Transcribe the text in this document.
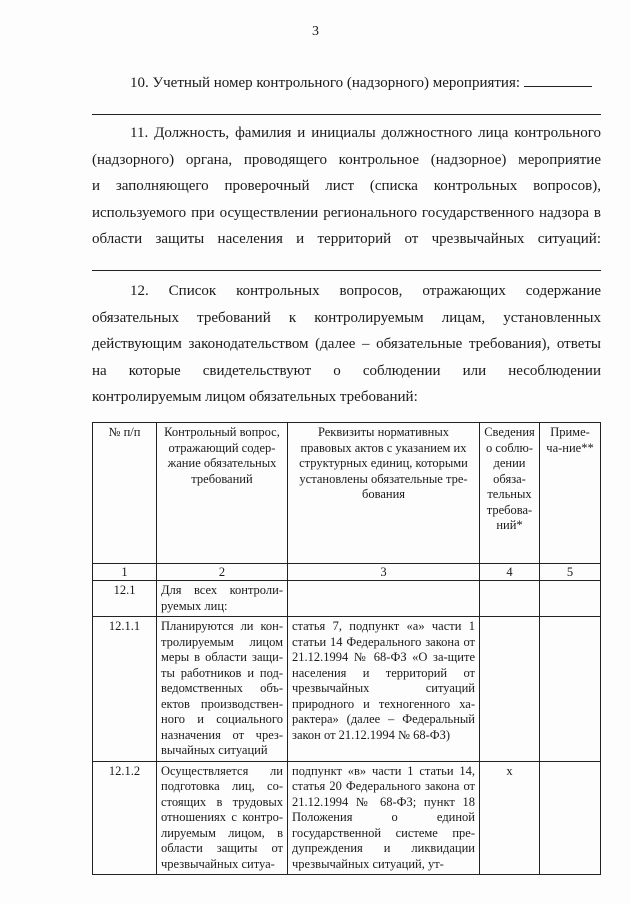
3

10. Учетный номер контрольного (надзорного) мероприятия:

11. Должность, фамилия и инициалы должностного лица контрольного
(надзорного) органа, проводящего контрольное (надзорное) мероприятие
и заполняющего проверочный лист (списка контрольных вопросов),
используемого при осуществлении регионального государственного надзора в
области защиты населения и территорий от чрезвычайных ситуаций:
12. Список контрольных вопросов, отражающих содержание
обязательных требований к контролируемым лицам, установленных
действующим законодательством (далее – обязательные требования), ответы
на которые свидетельствуют о соблюдении или несоблюдении
контролируемым лицом обязательных требований:
№ п/п	Контрольный вопрос, отражающий содер-жание обязательных требований	Реквизиты нормативных правовых актов с указанием их структурных единиц, которыми установлены обязательные тре-бования	Сведения о соблю-дении обяза-тельных требова-ний*	Приме-ча-ние**
1	2	3	4	5
12.1	Для всех контроли-руемых лиц:			
12.1.1	Планируются ли кон-тролируемым лицом меры в области защи-ты работников и под-ведомственных объ-ектов производствен-ного и социального назначения от чрез-вычайных ситуаций	статья 7, подпункт «а» части 1 статьи 14 Федерального закона от 21.12.1994 № 68-ФЗ «О за-щите населения и территорий от чрезвычайных ситуаций природного и техногенного ха-рактера» (далее – Федеральный закон от 21.12.1994 № 68-ФЗ)		
12.1.2	Осуществляется ли подготовка лиц, со-стоящих в трудовых отношениях с контро-лируемым лицом, в области защиты от чрезвычайных ситуа-	подпункт «в» части 1 статьи 14, статья 20 Федерального закона от 21.12.1994 № 68-ФЗ; пункт 18 Положения о единой государственной системе пре-дупреждения и ликвидации чрезвычайных ситуаций, ут-	x	
